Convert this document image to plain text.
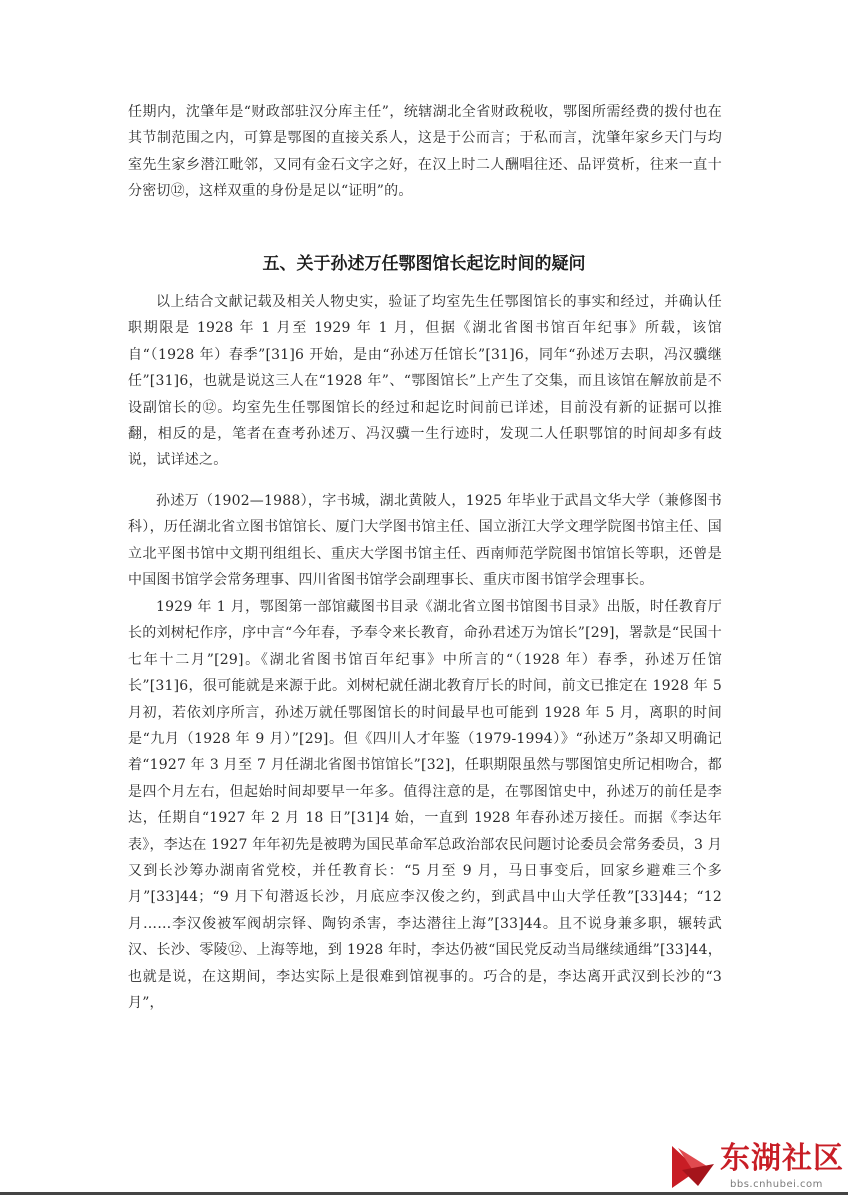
任期内，沈肇年是“财政部驻汉分库主任”，统辖湖北全省财政税收，鄂图所需经费的拨付也在其节制范围之内，可算是鄂图的直接关系人，这是于公而言；于私而言，沈肇年家乡天门与均室先生家乡潜江毗邻，又同有金石文字之好，在汉上时二人酬唱往还、品评赏析，往来一直十分密切⑫，这样双重的身份是足以“证明”的。

五、关于孙述万任鄂图馆长起讫时间的疑问

以上结合文献记载及相关人物史实，验证了均室先生任鄂图馆长的事实和经过，并确认任职期限是 1928 年 1 月至 1929 年 1 月，但据《湖北省图书馆百年纪事》所载，该馆自“（1928 年）春季”[31]6 开始，是由“孙述万任馆长”[31]6，同年“孙述万去职，冯汉骥继任”[31]6，也就是说这三人在“1928 年”、“鄂图馆长”上产生了交集，而且该馆在解放前是不设副馆长的⑫。均室先生任鄂图馆长的经过和起讫时间前已详述，目前没有新的证据可以推翻，相反的是，笔者在查考孙述万、冯汉骥一生行迹时，发现二人任职鄂馆的时间却多有歧说，试详述之。

孙述万（1902—1988），字书城，湖北黄陂人，1925 年毕业于武昌文华大学（兼修图书科），历任湖北省立图书馆馆长、厦门大学图书馆主任、国立浙江大学文理学院图书馆主任、国立北平图书馆中文期刊组组长、重庆大学图书馆主任、西南师范学院图书馆馆长等职，还曾是中国图书馆学会常务理事、四川省图书馆学会副理事长、重庆市图书馆学会理事长。

1929 年 1 月，鄂图第一部馆藏图书目录《湖北省立图书馆图书目录》出版，时任教育厅长的刘树杞作序，序中言“今年春，予奉令来长教育，命孙君述万为馆长”[29]，署款是“民国十七年十二月”[29]。《湖北省图书馆百年纪事》中所言的“（1928 年）春季，孙述万任馆长”[31]6，很可能就是来源于此。刘树杞就任湖北教育厅长的时间，前文已推定在 1928 年 5 月初，若依刘序所言，孙述万就任鄂图馆长的时间最早也可能到 1928 年 5 月，离职的时间是“九月（1928 年 9 月）”[29]。但《四川人才年鉴（1979-1994）》“孙述万”条却又明确记着“1927 年 3 月至 7 月任湖北省图书馆馆长”[32]，任职期限虽然与鄂图馆史所记相吻合，都是四个月左右，但起始时间却要早一年多。值得注意的是，在鄂图馆史中，孙述万的前任是李达，任期自“1927 年 2 月 18 日”[31]4 始，一直到 1928 年春孙述万接任。而据《李达年表》，李达在 1927 年年初先是被聘为国民革命军总政治部农民问题讨论委员会常务委员，3 月又到长沙筹办湖南省党校，并任教育长：“5 月至 9 月，马日事变后，回家乡避难三个多月”[33]44；“9 月下旬潜返长沙，月底应李汉俊之约，到武昌中山大学任教”[33]44；“12 月……李汉俊被军阀胡宗铎、陶钧杀害，李达潜往上海”[33]44。且不说身兼多职，辗转武汉、长沙、零陵⑫、上海等地，到 1928 年时，李达仍被“国民党反动当局继续通缉”[33]44，也就是说，在这期间，李达实际上是很难到馆视事的。巧合的是，李达离开武汉到长沙的“3 月”，

东湖社区
bbs.cnhubei.com
